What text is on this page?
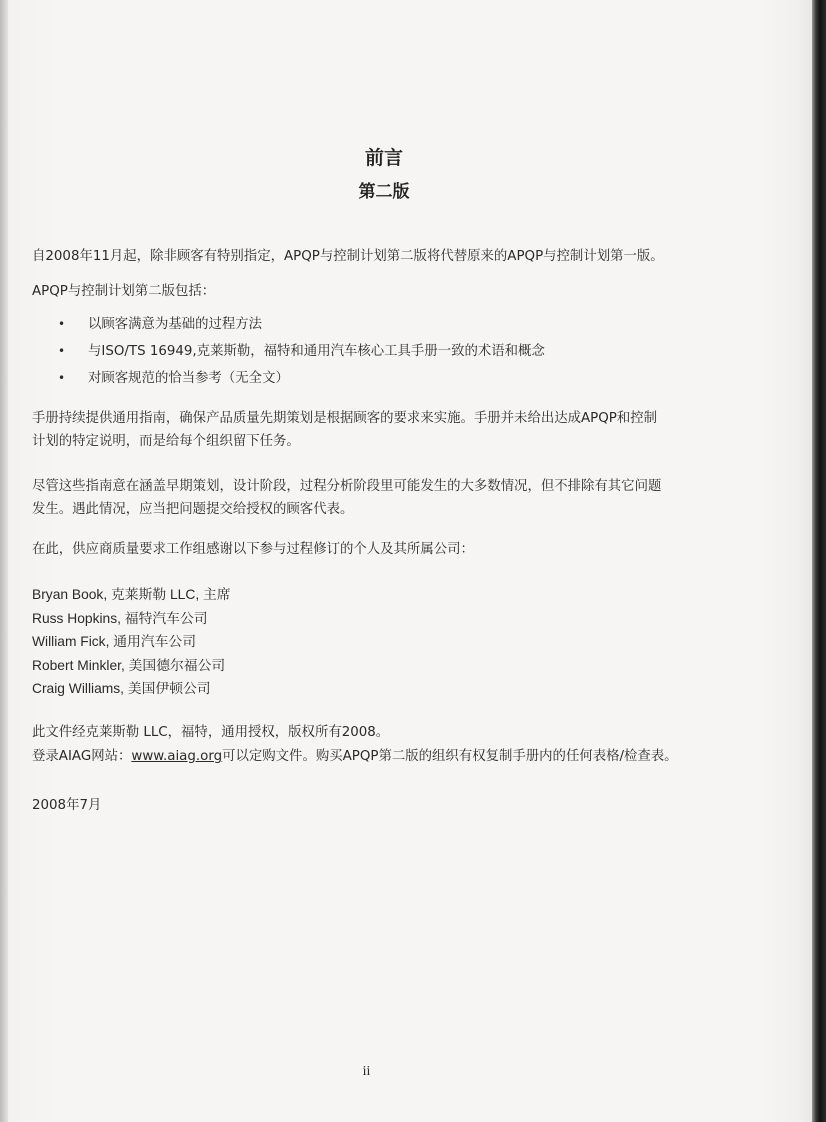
前言
第二版

自2008年11月起，除非顾客有特别指定，APQP与控制计划第二版将代替原来的APQP与控制计划第一版。

APQP与控制计划第二版包括：

•	以顾客满意为基础的过程方法
•	与ISO/TS 16949,克莱斯勒，福特和通用汽车核心工具手册一致的术语和概念
•	对顾客规范的恰当参考（无全文）
手册持续提供通用指南，确保产品质量先期策划是根据顾客的要求来实施。手册并未给出达成APQP和控制
计划的特定说明，而是给每个组织留下任务。
尽管这些指南意在涵盖早期策划，设计阶段，过程分析阶段里可能发生的大多数情况，但不排除有其它问题
发生。遇此情况，应当把问题提交给授权的顾客代表。

在此，供应商质量要求工作组感谢以下参与过程修订的个人及其所属公司：

Bryan Book, 克莱斯勒 LLC, 主席
Russ Hopkins, 福特汽车公司
William Fick, 通用汽车公司
Robert Minkler, 美国德尔福公司
Craig Williams, 美国伊顿公司

此文件经克莱斯勒 LLC，福特，通用授权，版权所有2008。

登录AIAG网站：www.aiag.org可以定购文件。购买APQP第二版的组织有权复制手册内的任何表格/检查表。

2008年7月
ii
